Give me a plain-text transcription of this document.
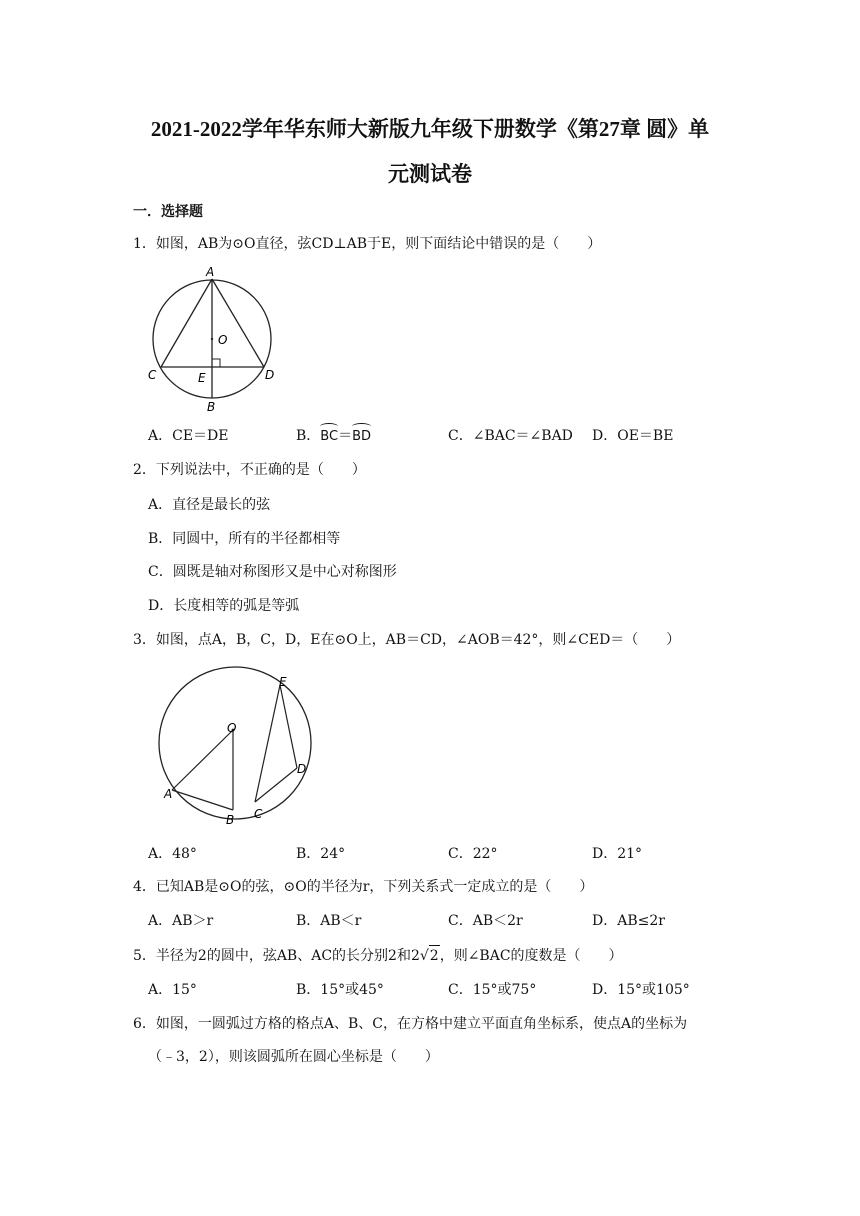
2021-2022学年华东师大新版九年级下册数学《第27章 圆》单
元测试卷
一．选择题
1．如图，AB为⊙O直径，弦CD⊥AB于E，则下面结论中错误的是（　　）
A
O
C	E	D
B
A．CE＝DE	B．BC＝BD	C．∠BAC＝∠BAD D．OE＝BE
2．下列说法中，不正确的是（　　）
A．直径是最长的弦
B．同圆中，所有的半径都相等
C．圆既是轴对称图形又是中心对称图形
D．长度相等的弧是等弧
3．如图，点A，B，C，D，E在⊙O上，AB＝CD，∠AOB＝42°，则∠CED＝（　　）
O
A
B C
D
E
A．48°	B．24°	C．22°	D．21°
4．已知AB是⊙O的弦，⊙O的半径为r，下列关系式一定成立的是（　　）
A．AB＞r	B．AB＜r	C．AB＜2r	D．AB≤2r
5．半径为2的圆中，弦AB、AC的长分别2和2√2，则∠BAC的度数是（　　）
A．15°	B．15°或45°	C．15°或75°	D．15°或105°
6．如图，一圆弧过方格的格点A、B、C，在方格中建立平面直角坐标系，使点A的坐标为
（﹣3，2），则该圆弧所在圆心坐标是（　　）
